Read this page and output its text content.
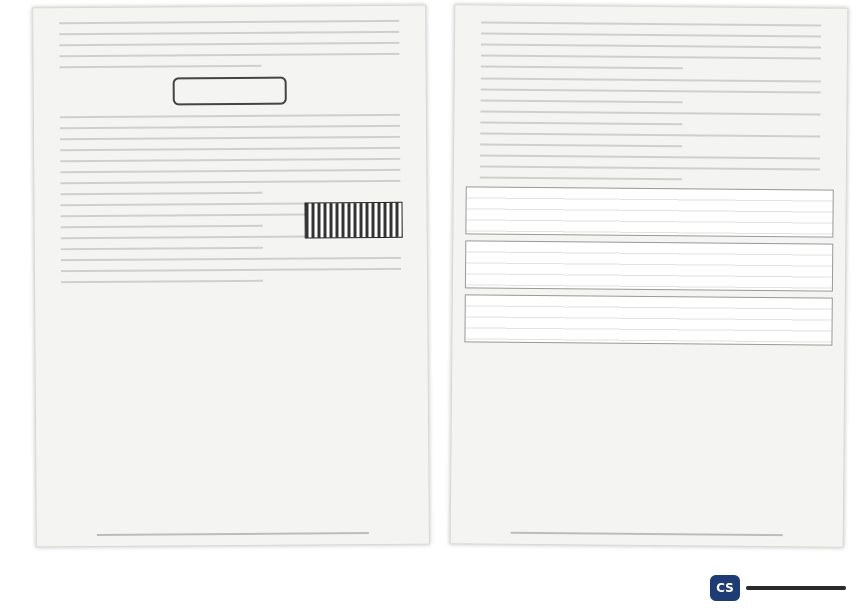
CS
